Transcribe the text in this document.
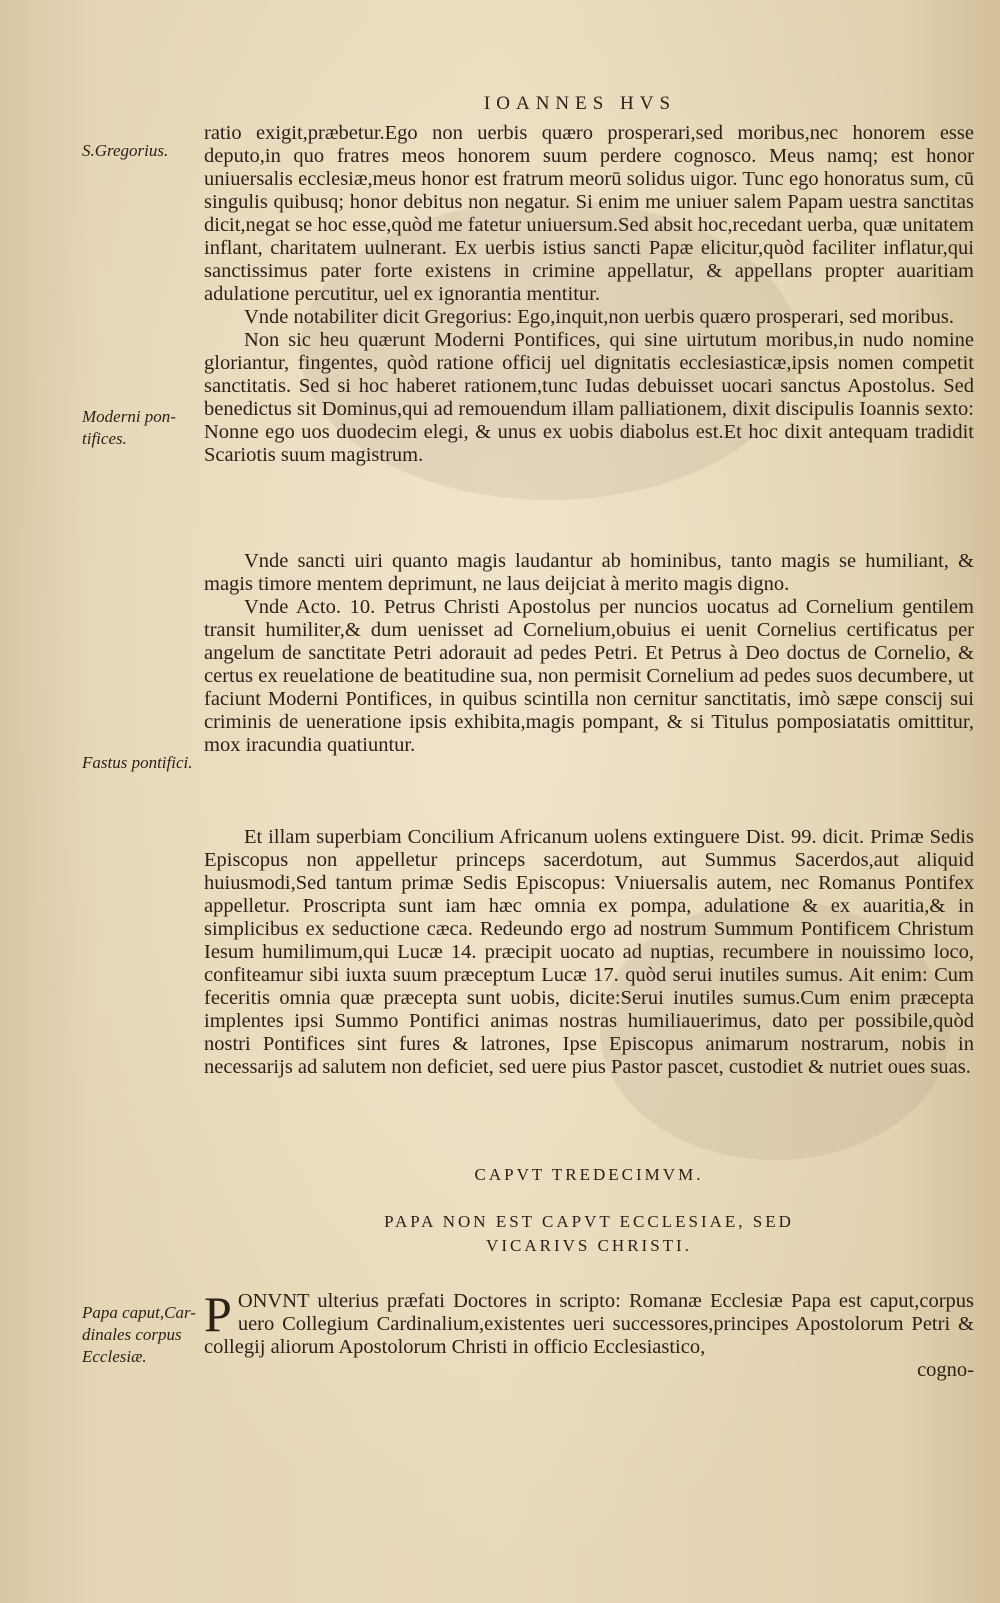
IOANNES HVS
S.Gregorius.
Moderni pon-
tifices.
Fastus pontifici.
Papa caput,Car-
dinales corpus
Ecclesiæ.

ratio exigit,præbetur.Ego non uerbis quæro prosperari,sed moribus,nec honorem esse deputo,in quo fratres meos honorem suum perdere cognosco. Meus namq; est honor uniuersalis ecclesiæ,meus honor est fratrum meorū solidus uigor. Tunc ego honoratus sum, cū singulis quibusq; honor debitus non negatur. Si enim me uniuer salem Papam uestra sanctitas dicit,negat se hoc esse,quòd me fatetur uniuersum.Sed absit hoc,recedant uerba, quæ unitatem inflant, charitatem uulnerant. Ex uerbis istius sancti Papæ elicitur,quòd faciliter inflatur,qui sanctissimus pater forte existens in crimine appellatur, & appellans propter auaritiam adulatione percutitur, uel ex ignorantia mentitur.

Vnde notabiliter dicit Gregorius: Ego,inquit,non uerbis quæro prosperari, sed moribus.

Non sic heu quærunt Moderni Pontifices, qui sine uirtutum moribus,in nudo nomine gloriantur, fingentes, quòd ratione officij uel dignitatis ecclesiasticæ,ipsis nomen competit sanctitatis. Sed si hoc haberet rationem,tunc Iudas debuisset uocari sanctus Apostolus. Sed benedictus sit Dominus,qui ad remouendum illam palliationem, dixit discipulis Ioannis sexto: Nonne ego uos duodecim elegi, & unus ex uobis diabolus est.Et hoc dixit antequam tradidit Scariotis suum magistrum.

Vnde sancti uiri quanto magis laudantur ab hominibus, tanto magis se humiliant, & magis timore mentem deprimunt, ne laus deijciat à merito magis digno.

Vnde Acto. 10. Petrus Christi Apostolus per nuncios uocatus ad Cornelium gentilem transit humiliter,& dum uenisset ad Cornelium,obuius ei uenit Cornelius certificatus per angelum de sanctitate Petri adorauit ad pedes Petri. Et Petrus à Deo doctus de Cornelio, & certus ex reuelatione de beatitudine sua, non permisit Cornelium ad pedes suos decumbere, ut faciunt Moderni Pontifices, in quibus scintilla non cernitur sanctitatis, imò sæpe conscij sui criminis de ueneratione ipsis exhibita,magis pompant, & si Titulus pomposiatatis omittitur, mox iracundia quatiuntur.

Et illam superbiam Concilium Africanum uolens extinguere Dist. 99. dicit. Primæ Sedis Episcopus non appelletur princeps sacerdotum, aut Summus Sacerdos,aut aliquid huiusmodi,Sed tantum primæ Sedis Episcopus: Vniuersalis autem, nec Romanus Pontifex appelletur. Proscripta sunt iam hæc omnia ex pompa, adulatione & ex auaritia,& in simplicibus ex seductione cæca. Redeundo ergo ad nostrum Summum Pontificem Christum Iesum humilimum,qui Lucæ 14. præcipit uocato ad nuptias, recumbere in nouissimo loco, confiteamur sibi iuxta suum præceptum Lucæ 17. quòd serui inutiles sumus. Ait enim: Cum feceritis omnia quæ præcepta sunt uobis, dicite:Serui inutiles sumus.Cum enim præcepta implentes ipsi Summo Pontifici animas nostras humiliauerimus, dato per possibile,quòd nostri Pontifices sint fures & latrones, Ipse Episcopus animarum nostrarum, nobis in necessarijs ad salutem non deficiet, sed uere pius Pastor pascet, custodiet & nutriet oues suas.

CAPVT TREDECIMVM.
PAPA NON EST CAPVT ECCLESIAE, SED
VICARIVS CHRISTI.

PONVNT ulterius præfati Doctores in scripto: Romanæ Ecclesiæ Papa est caput,corpus uero Collegium Cardinalium,existentes ueri successores,principes Apostolorum Petri & collegij aliorum Apostolorum Christi in officio Ecclesiastico,

cogno-
